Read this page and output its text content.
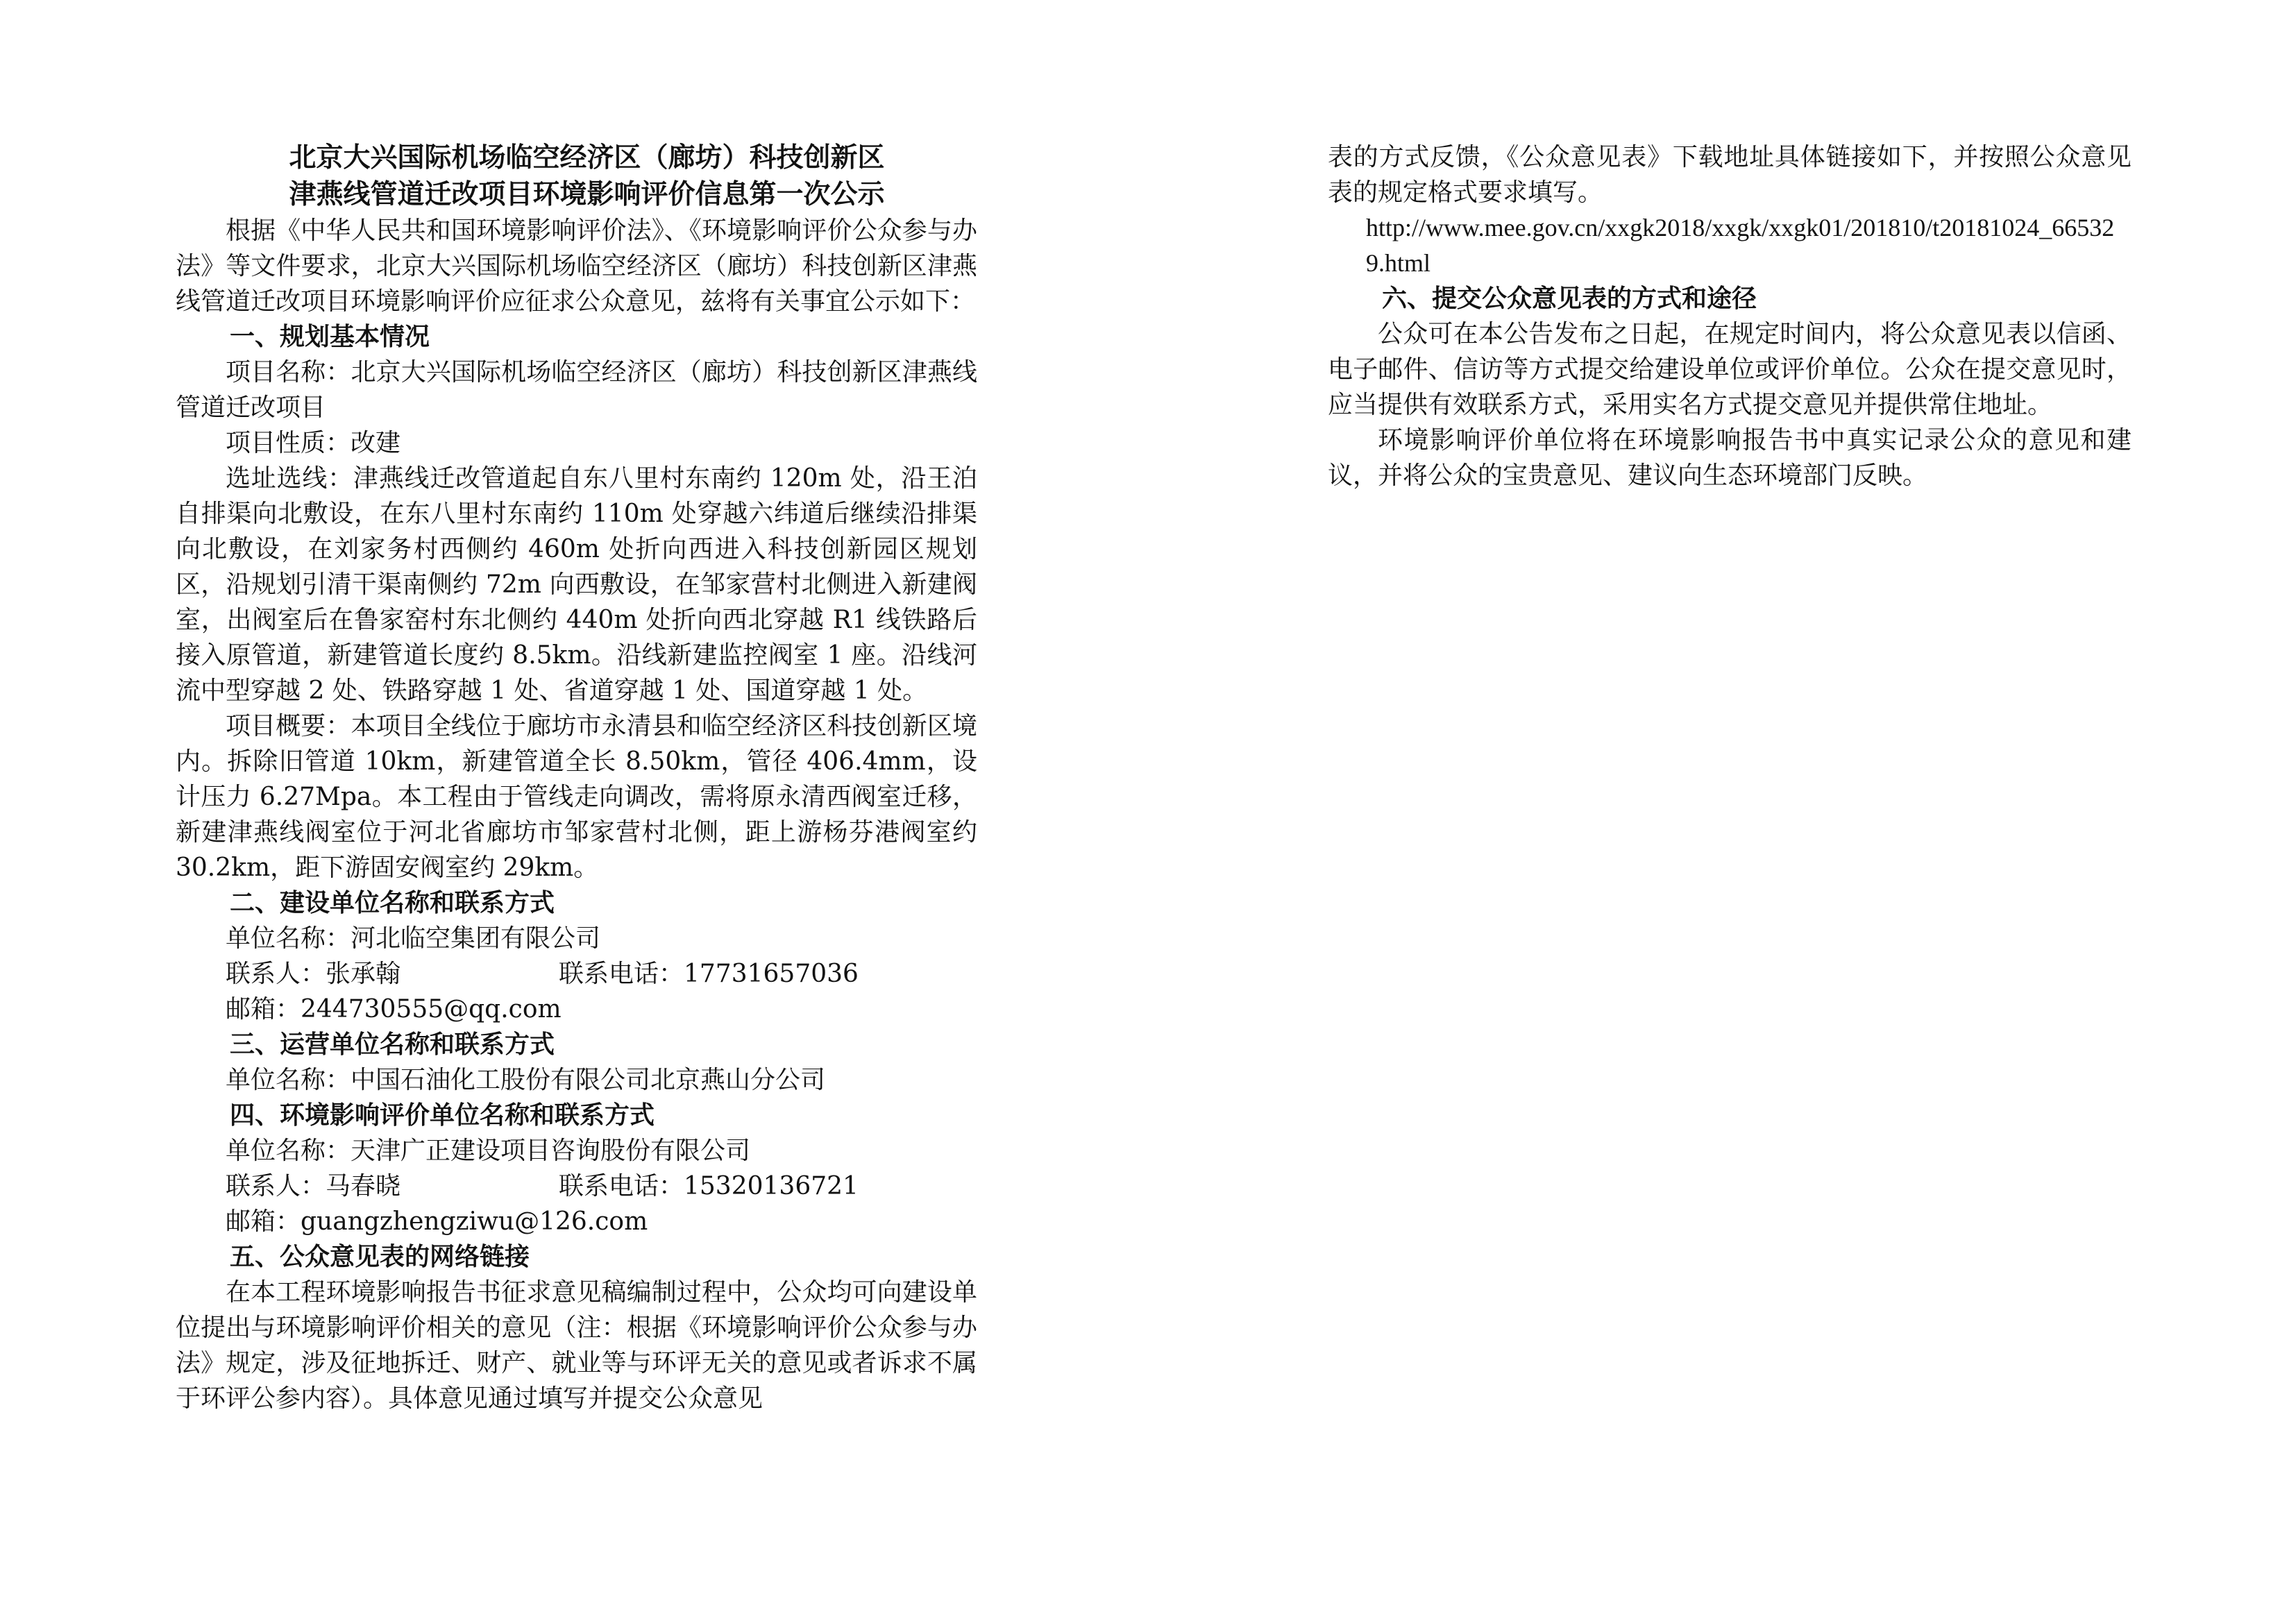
北京大兴国际机场临空经济区（廊坊）科技创新区

津燕线管道迁改项目环境影响评价信息第一次公示

根据《中华人民共和国环境影响评价法》、《环境影响评价公众参与办法》等文件要求，北京大兴国际机场临空经济区（廊坊）科技创新区津燕线管道迁改项目环境影响评价应征求公众意见，兹将有关事宜公示如下：

一、规划基本情况

项目名称：北京大兴国际机场临空经济区（廊坊）科技创新区津燕线管道迁改项目

项目性质：改建

选址选线：津燕线迁改管道起自东八里村东南约 120m 处，沿王泊自排渠向北敷设，在东八里村东南约 110m 处穿越六纬道后继续沿排渠向北敷设，在刘家务村西侧约 460m 处折向西进入科技创新园区规划区，沿规划引清干渠南侧约 72m 向西敷设，在邹家营村北侧进入新建阀室，出阀室后在鲁家窑村东北侧约 440m 处折向西北穿越 R1 线铁路后接入原管道，新建管道长度约 8.5km。沿线新建监控阀室 1 座。沿线河流中型穿越 2 处、铁路穿越 1 处、省道穿越 1 处、国道穿越 1 处。

项目概要：本项目全线位于廊坊市永清县和临空经济区科技创新区境内。拆除旧管道 10km，新建管道全长 8.50km，管径 406.4mm，设计压力 6.27Mpa。本工程由于管线走向调改，需将原永清西阀室迁移，新建津燕线阀室位于河北省廊坊市邹家营村北侧，距上游杨芬港阀室约 30.2km，距下游固安阀室约 29km。

二、建设单位名称和联系方式

单位名称：河北临空集团有限公司

联系人：张承翰	联系电话：17731657036

邮箱：244730555@qq.com

三、运营单位名称和联系方式

单位名称：中国石油化工股份有限公司北京燕山分公司

四、环境影响评价单位名称和联系方式

单位名称：天津广正建设项目咨询股份有限公司

联系人：马春晓	联系电话：15320136721

邮箱：guangzhengziwu@126.com

五、公众意见表的网络链接

在本工程环境影响报告书征求意见稿编制过程中，公众均可向建设单位提出与环境影响评价相关的意见（注：根据《环境影响评价公众参与办法》规定，涉及征地拆迁、财产、就业等与环评无关的意见或者诉求不属于环评公参内容）。具体意见通过填写并提交公众意见

表的方式反馈，《公众意见表》下载地址具体链接如下，并按照公众意见表的规定格式要求填写。

http://www.mee.gov.cn/xxgk2018/xxgk/xxgk01/201810/t20181024_665329.html

六、提交公众意见表的方式和途径

公众可在本公告发布之日起，在规定时间内，将公众意见表以信函、电子邮件、信访等方式提交给建设单位或评价单位。公众在提交意见时，应当提供有效联系方式，采用实名方式提交意见并提供常住地址。

环境影响评价单位将在环境影响报告书中真实记录公众的意见和建议，并将公众的宝贵意见、建议向生态环境部门反映。
